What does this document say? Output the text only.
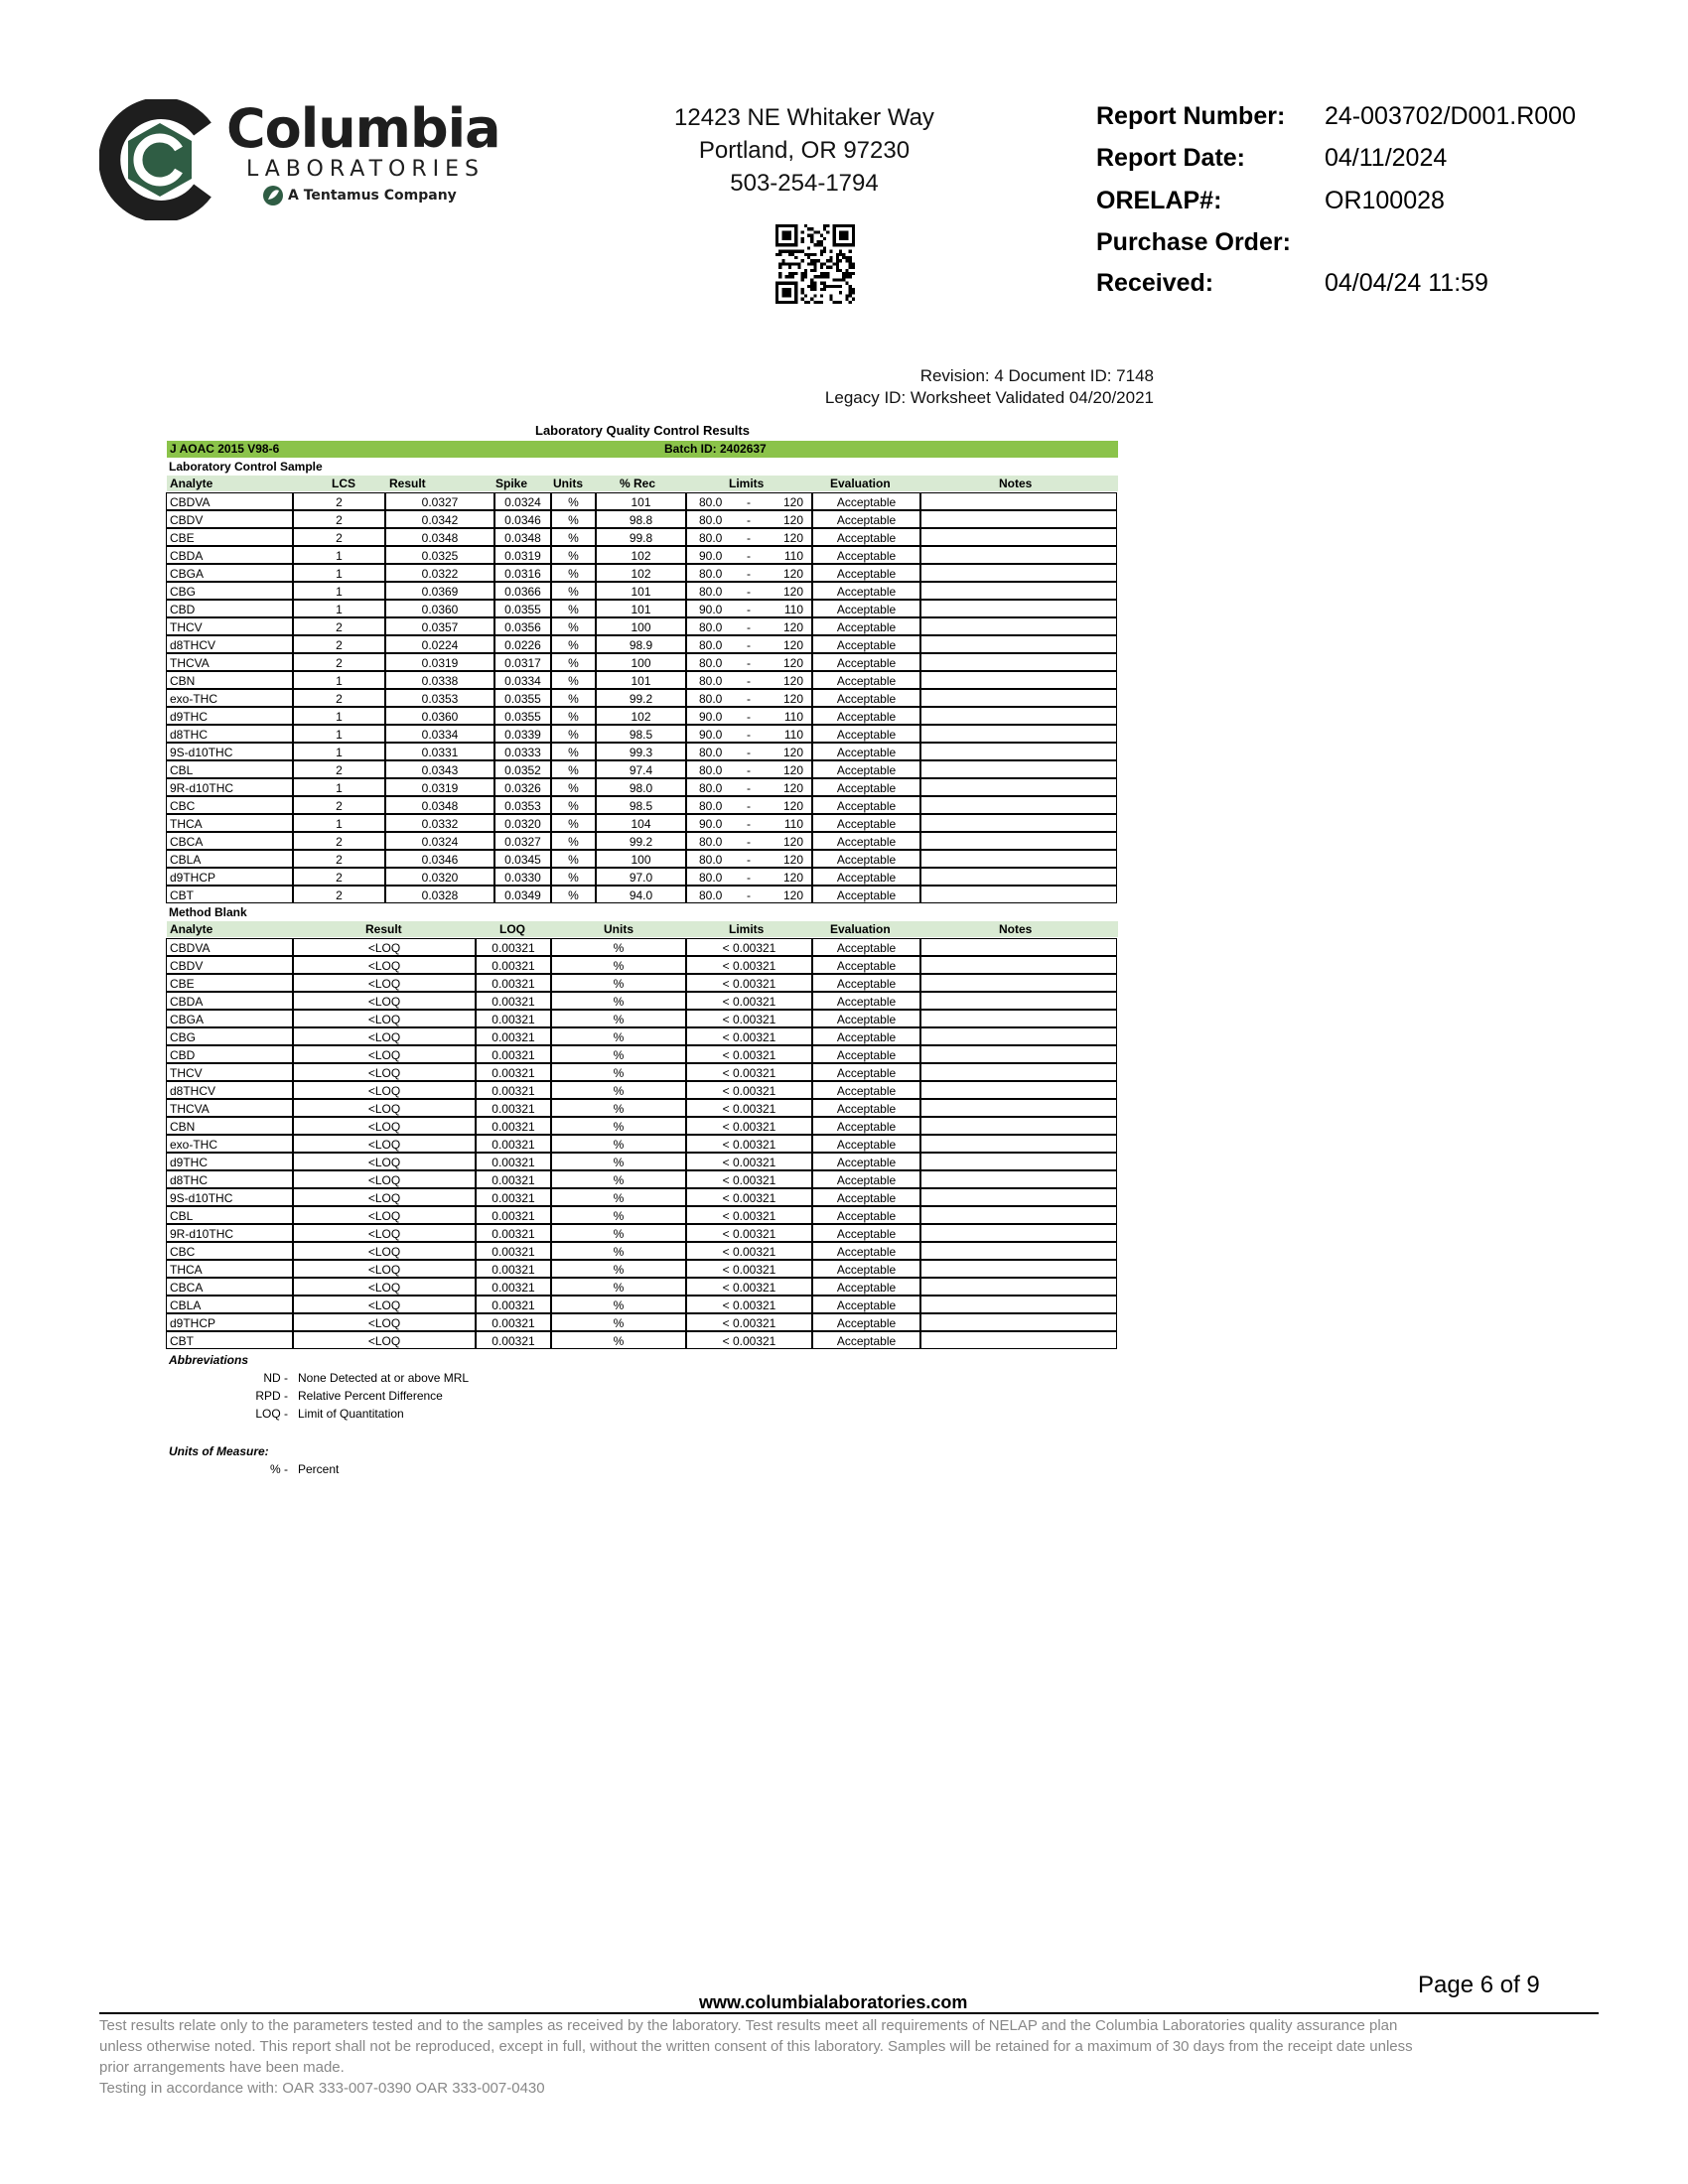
Columbia
LABORATORIES
A Tentamus Company
12423 NE Whitaker Way
Portland, OR 97230
503-254-1794
Report Number: 24-003702/D001.R000
Report Date:	04/11/2024
ORELAP#:	OR100028
Purchase Order:
Received:	04/04/24 11:59
Revision: 4 Document ID: 7148
Legacy ID: Worksheet Validated 04/20/2021
Laboratory Quality Control Results
J AOAC 2015 V98-6	Batch ID: 2402637
Laboratory Control Sample
Analyte	LCS	Result	Spike Units	% Rec	Limits	Evaluation	Notes
CBDVA	2	0.0327	0.0324	%	101	80.0 -	120	Acceptable
CBDV	2	0.0342	0.0346	%	98.8	80.0 -	120	Acceptable
CBE	2	0.0348	0.0348	%	99.8	80.0 -	120	Acceptable
CBDA	1	0.0325	0.0319	%	102	90.0 -	110	Acceptable
CBGA	1	0.0322	0.0316	%	102	80.0 -	120	Acceptable
CBG	1	0.0369	0.0366	%	101	80.0 -	120	Acceptable
CBD	1	0.0360	0.0355	%	101	90.0 -	110	Acceptable
THCV	2	0.0357	0.0356	%	100	80.0 -	120	Acceptable
d8THCV	2	0.0224	0.0226	%	98.9	80.0 -	120	Acceptable
THCVA	2	0.0319	0.0317	%	100	80.0 -	120	Acceptable
CBN	1	0.0338	0.0334	%	101	80.0 -	120	Acceptable
exo-THC	2	0.0353	0.0355	%	99.2	80.0 -	120	Acceptable
d9THC	1	0.0360	0.0355	%	102	90.0 -	110	Acceptable
d8THC	1	0.0334	0.0339	%	98.5	90.0 -	110	Acceptable
9S-d10THC	1	0.0331	0.0333	%	99.3	80.0 -	120	Acceptable
CBL	2	0.0343	0.0352	%	97.4	80.0 -	120	Acceptable
9R-d10THC	1	0.0319	0.0326	%	98.0	80.0 -	120	Acceptable
CBC	2	0.0348	0.0353	%	98.5	80.0 -	120	Acceptable
THCA	1	0.0332	0.0320	%	104	90.0 -	110	Acceptable
CBCA	2	0.0324	0.0327	%	99.2	80.0 -	120	Acceptable
CBLA	2	0.0346	0.0345	%	100	80.0 -	120	Acceptable
d9THCP	2	0.0320	0.0330	%	97.0	80.0 -	120	Acceptable
CBT	2	0.0328	0.0349	%	94.0	80.0 -	120	Acceptable
Method Blank
Analyte	Result	LOQ	Units	Limits	Evaluation	Notes
CBDVA	<LOQ	0.00321	%	< 0.00321	Acceptable
CBDV	<LOQ	0.00321	%	< 0.00321	Acceptable
CBE	<LOQ	0.00321	%	< 0.00321	Acceptable
CBDA	<LOQ	0.00321	%	< 0.00321	Acceptable
CBGA	<LOQ	0.00321	%	< 0.00321	Acceptable
CBG	<LOQ	0.00321	%	< 0.00321	Acceptable
CBD	<LOQ	0.00321	%	< 0.00321	Acceptable
THCV	<LOQ	0.00321	%	< 0.00321	Acceptable
d8THCV	<LOQ	0.00321	%	< 0.00321	Acceptable
THCVA	<LOQ	0.00321	%	< 0.00321	Acceptable
CBN	<LOQ	0.00321	%	< 0.00321	Acceptable
exo-THC	<LOQ	0.00321	%	< 0.00321	Acceptable
d9THC	<LOQ	0.00321	%	< 0.00321	Acceptable
d8THC	<LOQ	0.00321	%	< 0.00321	Acceptable
9S-d10THC	<LOQ	0.00321	%	< 0.00321	Acceptable
CBL	<LOQ	0.00321	%	< 0.00321	Acceptable
9R-d10THC	<LOQ	0.00321	%	< 0.00321	Acceptable
CBC	<LOQ	0.00321	%	< 0.00321	Acceptable
THCA	<LOQ	0.00321	%	< 0.00321	Acceptable
CBCA	<LOQ	0.00321	%	< 0.00321	Acceptable
CBLA	<LOQ	0.00321	%	< 0.00321	Acceptable
d9THCP	<LOQ	0.00321	%	< 0.00321	Acceptable
CBT	<LOQ	0.00321	%	< 0.00321	Acceptable
Abbreviations
ND - None Detected at or above MRL
RPD - Relative Percent Difference
LOQ - Limit of Quantitation
Units of Measure:
% - Percent
Page 6 of 9
www.columbialaboratories.com
Test results relate only to the parameters tested and to the samples as received by the laboratory. Test results meet all requirements of NELAP and the Columbia Laboratories quality assurance plan
unless otherwise noted. This report shall not be reproduced, except in full, without the written consent of this laboratory. Samples will be retained for a maximum of 30 days from the receipt date unless
prior arrangements have been made.
Testing in accordance with: OAR 333-007-0390 OAR 333-007-0430
